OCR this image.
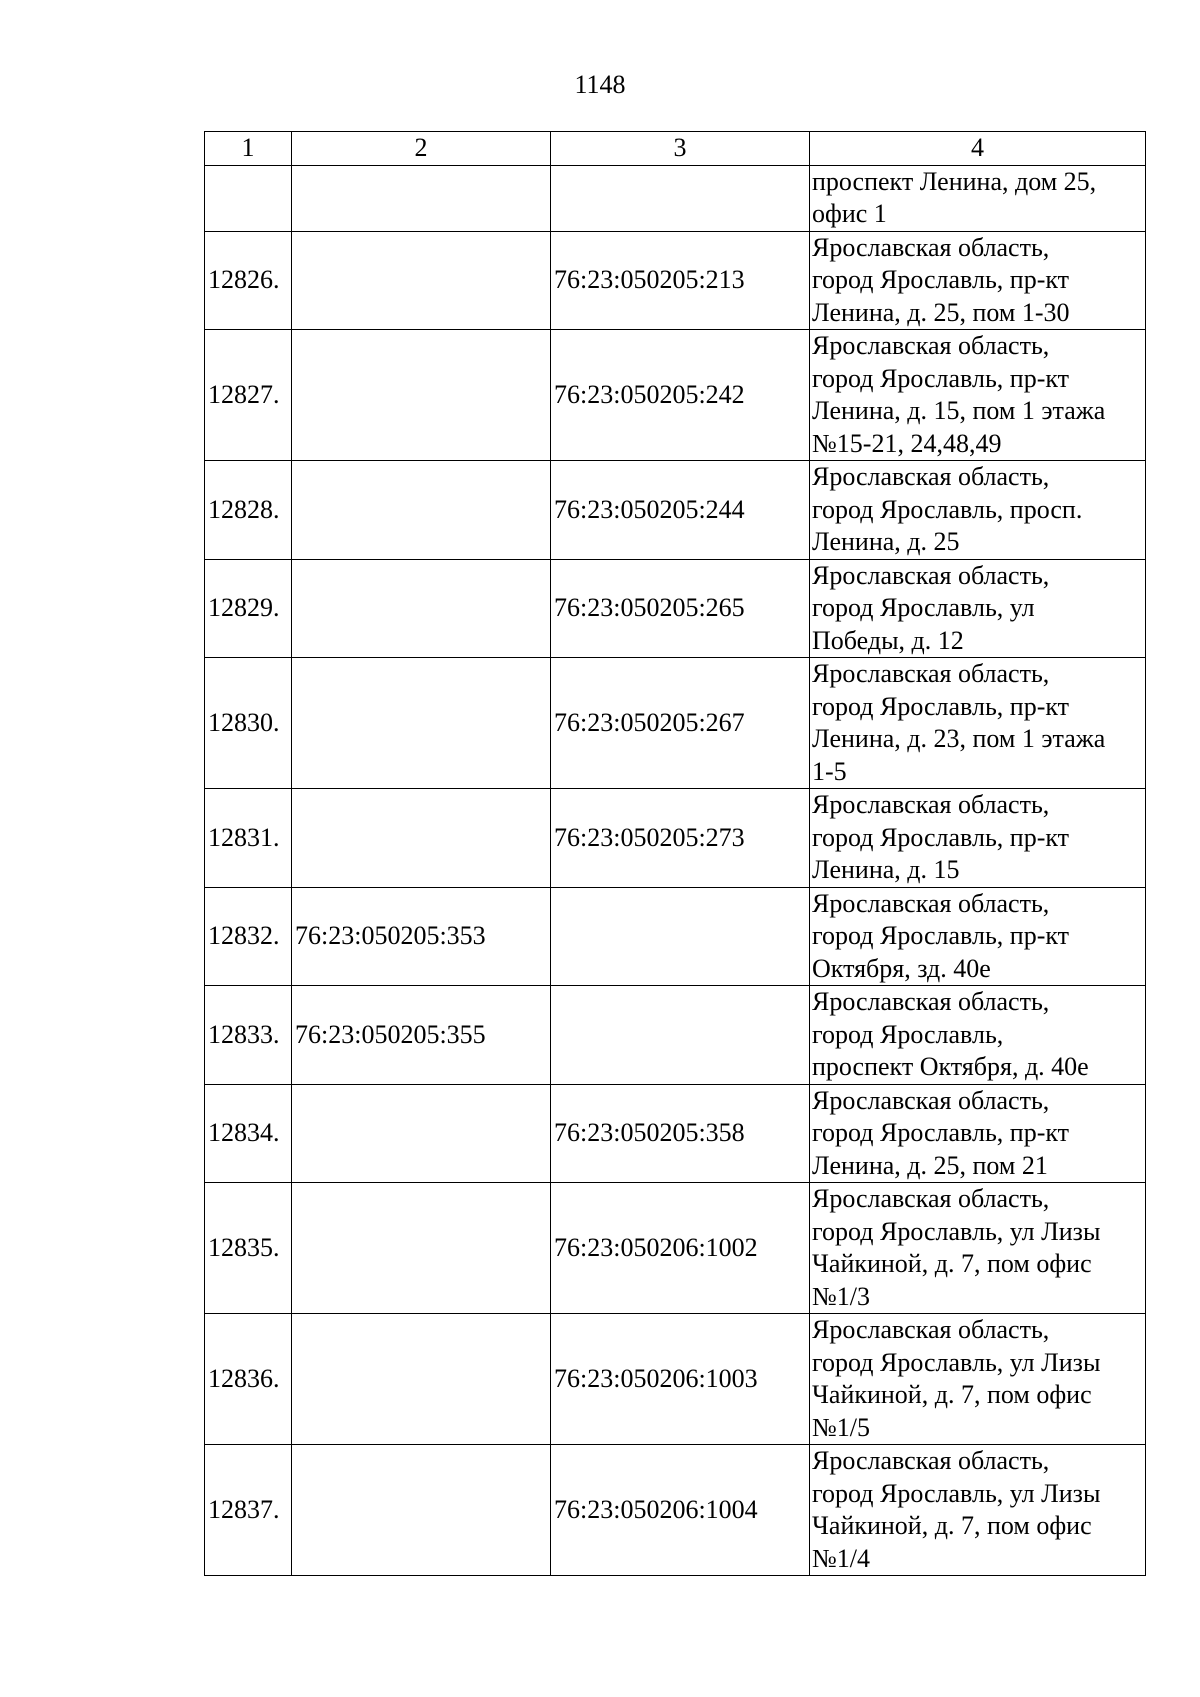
1148
1	2	3	4

			проспект Ленина, дом 25,
офис 1

12826.		76:23:050205:213	Ярославская область,
город Ярославль, пр-кт
Ленина, д. 25, пом 1-30

12827.		76:23:050205:242	Ярославская область,
город Ярославль, пр-кт
Ленина, д. 15, пом 1 этажа
№15-21, 24,48,49

12828.		76:23:050205:244	Ярославская область,
город Ярославль, просп.
Ленина, д. 25

12829.		76:23:050205:265	Ярославская область,
город Ярославль, ул
Победы, д. 12

12830.		76:23:050205:267	Ярославская область,
город Ярославль, пр-кт
Ленина, д. 23, пом 1 этажа
1-5

12831.		76:23:050205:273	Ярославская область,
город Ярославль, пр-кт
Ленина, д. 15

12832.	76:23:050205:353		Ярославская область,
город Ярославль, пр-кт
Октября, зд. 40е

12833.	76:23:050205:355		Ярославская область,
город Ярославль,
проспект Октября, д. 40е

12834.		76:23:050205:358	Ярославская область,
город Ярославль, пр-кт
Ленина, д. 25, пом 21

12835.		76:23:050206:1002	Ярославская область,
город Ярославль, ул Лизы
Чайкиной, д. 7, пом офис
№1/3

12836.		76:23:050206:1003	Ярославская область,
город Ярославль, ул Лизы
Чайкиной, д. 7, пом офис
№1/5

12837.		76:23:050206:1004	Ярославская область,
город Ярославль, ул Лизы
Чайкиной, д. 7, пом офис
№1/4
